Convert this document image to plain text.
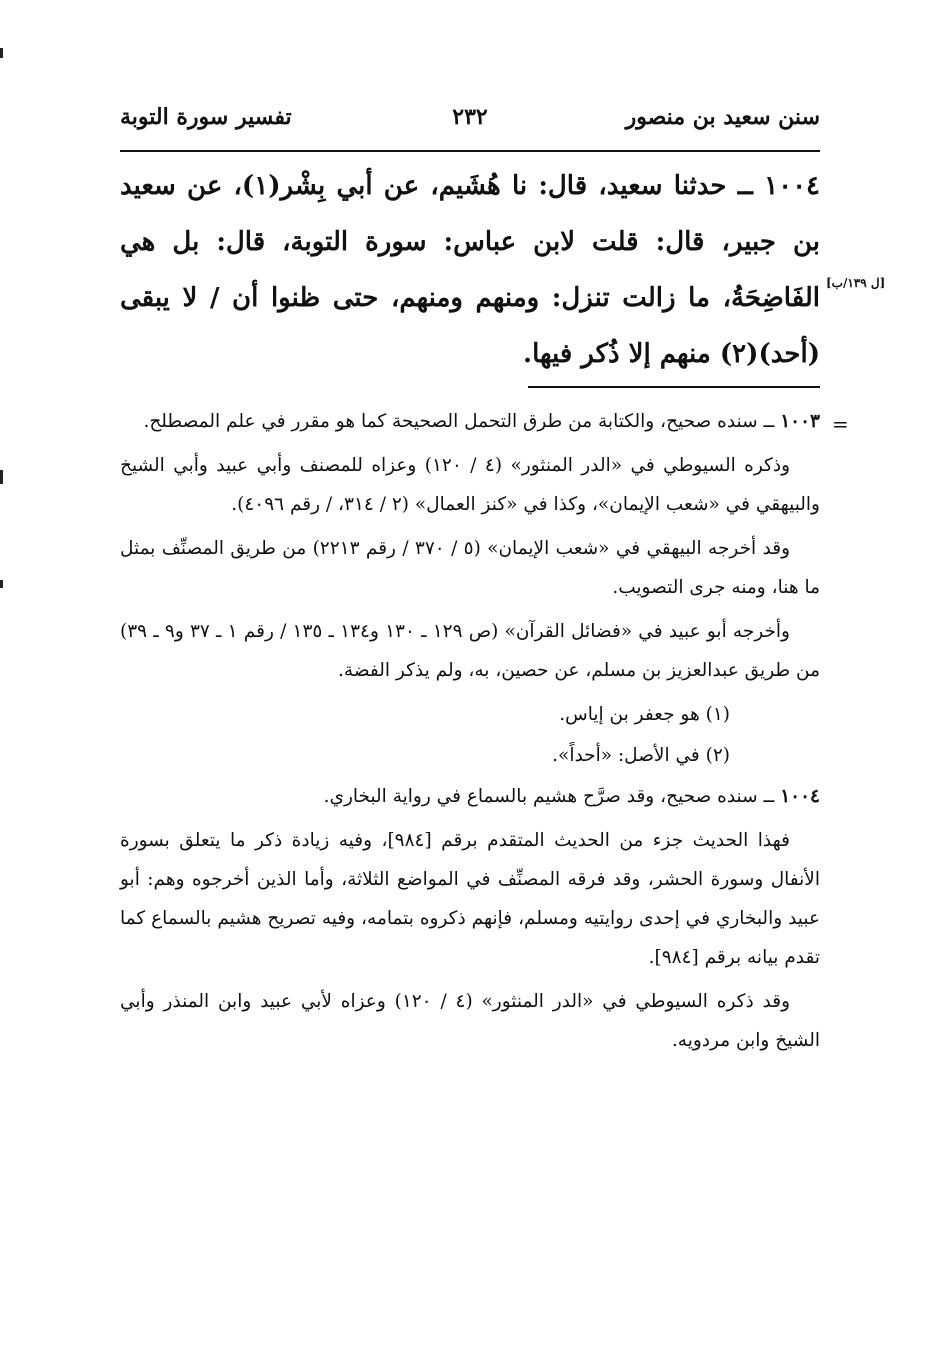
سنن سعيد بن منصور
٢٣٢
تفسير سورة التوبة

١٠٠٤ ــ حدثنا سعيد، قال: نا هُشَيم، عن أبي بِشْر(١)، عن سعيد بن جبير، قال: قلت لابن عباس: سورة التوبة، قال: بل هي الفَاضِحَةُ، ما زالت تنزل: ومنهم ومنهم، حتى ظنوا أن / لا يبقى (أحد)(٢) منهم إلا ذُكر فيها.

[ل ١٣٩/ب]
=

١٠٠٣ ــ سنده صحيح، والكتابة من طرق التحمل الصحيحة كما هو مقرر في علم المصطلح.

وذكره السيوطي في «الدر المنثور» (٤ / ١٢٠) وعزاه للمصنف وأبي عبيد وأبي الشيخ والبيهقي في «شعب الإيمان»، وكذا في «كنز العمال» (٢ / ٣١٤، / رقم ٤٠٩٦).

وقد أخرجه البيهقي في «شعب الإيمان» (٥ / ٣٧٠ / رقم ٢٢١٣) من طريق المصنِّف بمثل ما هنا، ومنه جرى التصويب.

وأخرجه أبو عبيد في «فضائل القرآن» (ص ١٢٩ ـ ١٣٠ و١٣٤ ـ ١٣٥ / رقم ١ ـ ٣٧ و٩ ـ ٣٩) من طريق عبدالعزيز بن مسلم، عن حصين، به، ولم يذكر الفضة.

(١) هو جعفر بن إياس.

(٢) في الأصل: «أحداً».

١٠٠٤ ــ سنده صحيح، وقد صرَّح هشيم بالسماع في رواية البخاري.

فهذا الحديث جزء من الحديث المتقدم برقم [٩٨٤]، وفيه زيادة ذكر ما يتعلق بسورة الأنفال وسورة الحشر، وقد فرقه المصنِّف في المواضع الثلاثة، وأما الذين أخرجوه وهم: أبو عبيد والبخاري في إحدى روايتيه ومسلم، فإنهم ذكروه بتمامه، وفيه تصريح هشيم بالسماع كما تقدم بيانه برقم [٩٨٤].

وقد ذكره السيوطي في «الدر المنثور» (٤ / ١٢٠) وعزاه لأبي عبيد وابن المنذر وأبي الشيخ وابن مردويه.
